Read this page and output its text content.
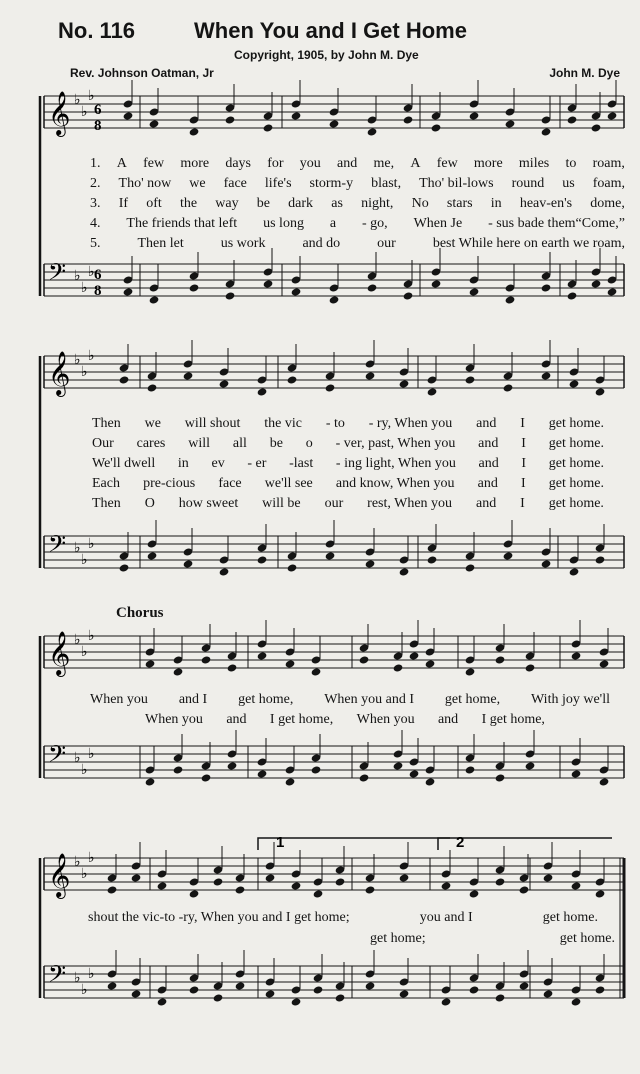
No. 116	When You and I Get Home
Copyright, 1905, by John M. Dye
Rev. Johnson Oatman, Jr	John M. Dye
𝄞 ♭
♭
♭
𝄢 ♭
♭
♭
𝄞 ♭
♭
♭
𝄢 ♭
♭
♭
𝄞 ♭
♭
♭
𝄢 ♭
♭
♭
𝄞 ♭
♭
♭
𝄢 ♭
♭
♭
6
8
6
8
1	2
1. A few more days for you and me, A few more miles to roam,
2. Tho' now we face life's storm-y blast, Tho' bil-lows round us foam,
3. If oft the way be dark as night, No stars in heav-en's dome,
4. The friends that left us long a - go, When Je - sus bade them“Come,”
5.	Then let	us work	and do	our	best While here on earth we roam,
Then we will shout the vic - to - ry, When you and I get home.
Our cares will all be o - ver, past, When you and I get home.
We'll dwell in ev - er -last - ing light, When you and I get home.
Each pre-cious face we'll see and know, When you and I get home.
Then O how sweet will be our rest, When you and I get home.
Chorus
When you and I get home, When you and I get home, With joy we'll
When you and I get home, When you and I get home,
shout the vic-to -ry, When you and I get home;	you and I	get home.
get home;	get home.
